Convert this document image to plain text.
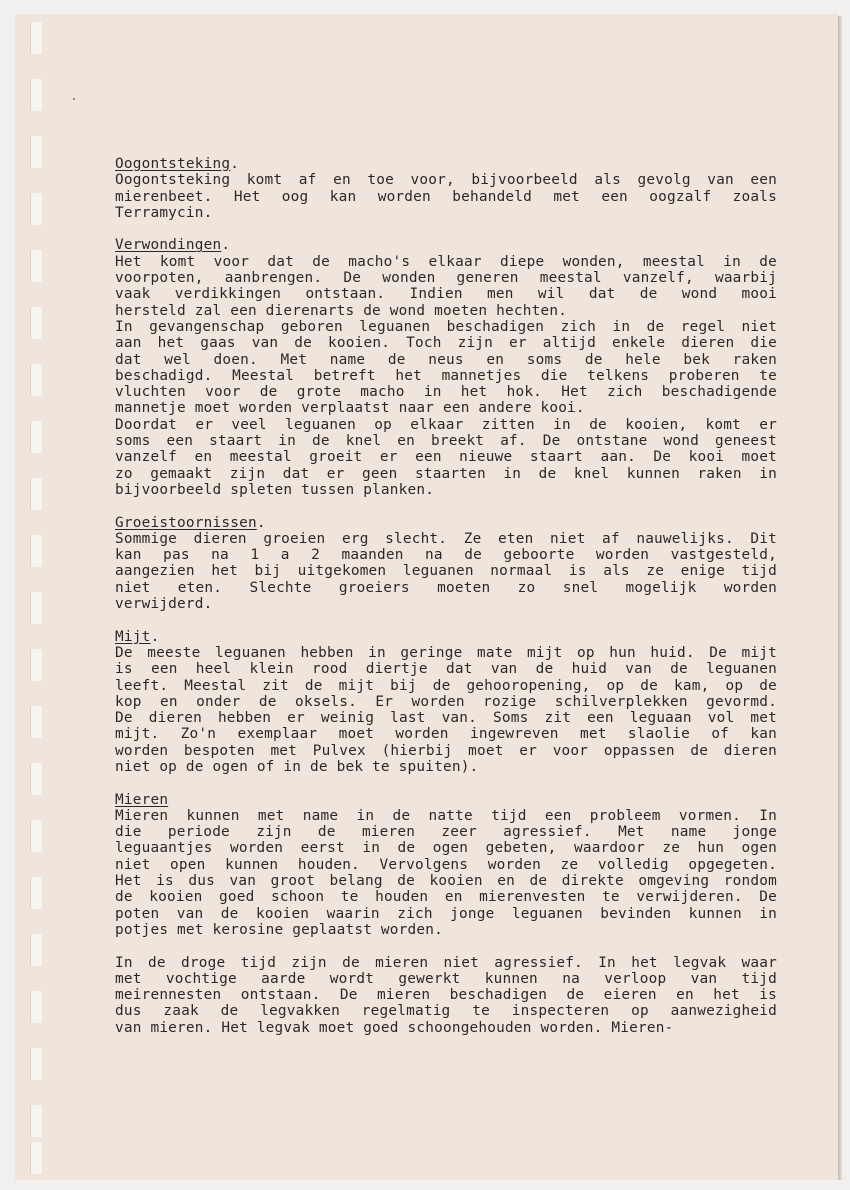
Oogontsteking.

Oogontsteking komt af en toe voor, bijvoorbeeld als gevolg van een
mierenbeet. Het oog kan worden behandeld met een oogzalf zoals
Terramycin.

Verwondingen.

Het komt voor dat de macho's elkaar diepe wonden, meestal in de
voorpoten, aanbrengen. De wonden generen meestal vanzelf, waarbij
vaak verdikkingen ontstaan. Indien men wil dat de wond mooi
hersteld zal een dierenarts de wond moeten hechten.
In gevangenschap geboren leguanen beschadigen zich in de regel niet
aan het gaas van de kooien. Toch zijn er altijd enkele dieren die
dat wel doen. Met name de neus en soms de hele bek raken
beschadigd. Meestal betreft het mannetjes die telkens proberen te
vluchten voor de grote macho in het hok. Het zich beschadigende
mannetje moet worden verplaatst naar een andere kooi.
Doordat er veel leguanen op elkaar zitten in de kooien, komt er
soms een staart in de knel en breekt af. De ontstane wond geneest
vanzelf en meestal groeit er een nieuwe staart aan. De kooi moet
zo gemaakt zijn dat er geen staarten in de knel kunnen raken in
bijvoorbeeld spleten tussen planken.

Groeistoornissen.

Sommige dieren groeien erg slecht. Ze eten niet af nauwelijks. Dit
kan pas na 1 a 2 maanden na de geboorte worden vastgesteld,
aangezien het bij uitgekomen leguanen normaal is als ze enige tijd
niet eten. Slechte groeiers moeten zo snel mogelijk worden
verwijderd.

Mijt.

De meeste leguanen hebben in geringe mate mijt op hun huid. De mijt
is een heel klein rood diertje dat van de huid van de leguanen
leeft. Meestal zit de mijt bij de gehooropening, op de kam, op de
kop en onder de oksels. Er worden rozige schilverplekken gevormd.
De dieren hebben er weinig last van. Soms zit een leguaan vol met
mijt. Zo'n exemplaar moet worden ingewreven met slaolie of kan
worden bespoten met Pulvex (hierbij moet er voor oppassen de dieren
niet op de ogen of in de bek te spuiten).

Mieren

Mieren kunnen met name in de natte tijd een probleem vormen. In
die periode zijn de mieren zeer agressief. Met name jonge
leguaantjes worden eerst in de ogen gebeten, waardoor ze hun ogen
niet open kunnen houden. Vervolgens worden ze volledig opgegeten.
Het is dus van groot belang de kooien en de direkte omgeving rondom
de kooien goed schoon te houden en mierenvesten te verwijderen. De
poten van de kooien waarin zich jonge leguanen bevinden kunnen in
potjes met kerosine geplaatst worden.

In de droge tijd zijn de mieren niet agressief. In het legvak waar
met vochtige aarde wordt gewerkt kunnen na verloop van tijd
meirennesten ontstaan. De mieren beschadigen de eieren en het is
dus zaak de legvakken regelmatig te inspecteren op aanwezigheid
van mieren. Het legvak moet goed schoongehouden worden. Mieren-
